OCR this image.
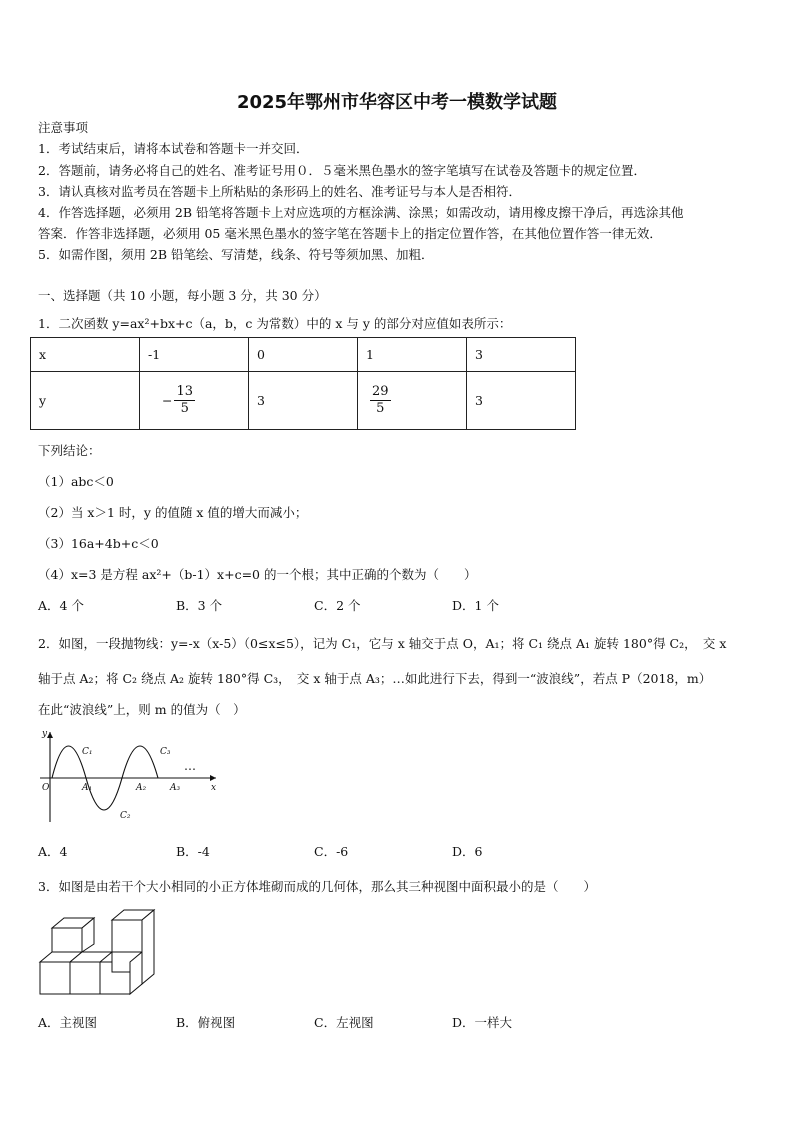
2025年鄂州市华容区中考一模数学试题
注意事项
1．考试结束后，请将本试卷和答题卡一并交回．
2．答题前，请务必将自己的姓名、准考证号用０．５毫米黑色墨水的签字笔填写在试卷及答题卡的规定位置．
3．请认真核对监考员在答题卡上所粘贴的条形码上的姓名、准考证号与本人是否相符．
4．作答选择题，必须用 2B 铅笔将答题卡上对应选项的方框涂满、涂黑；如需改动，请用橡皮擦干净后，再选涂其他
答案．作答非选择题，必须用 05 毫米黑色墨水的签字笔在答题卡上的指定位置作答，在其他位置作答一律无效．
5．如需作图，须用 2B 铅笔绘、写清楚，线条、符号等须加黑、加粗．
一、选择题（共 10 小题，每小题 3 分，共 30 分）
1．二次函数 y=ax²+bx+c（a，b，c 为常数）中的 x 与 y 的部分对应值如表所示：
x	-1	0	1	3
y	− $\frac{13}{5}$	3	$\frac{29}{5}$	3
下列结论：
（1）abc＜0
（2）当 x＞1 时，y 的值随 x 值的增大而减小；
（3）16a+4b+c＜0
（4）x=3 是方程 ax²+（b-1）x+c=0 的一个根；其中正确的个数为（　　）
A．4 个	B．3 个	C．2 个	D．1 个
2．如图，一段抛物线：y=-x（x-5）（0≤x≤5），记为 C₁，它与 x 轴交于点 O，A₁；将 C₁ 绕点 A₁ 旋转 180°得 C₂，　交 x
轴于点 A₂；将 C₂ 绕点 A₂ 旋转 180°得 C₃，　交 x 轴于点 A₃；…如此进行下去，得到一“波浪线”，若点 P（2018，m）
在此“波浪线”上，则 m 的值为（　）
y
x
O	A₁	A₂	A₃
C₁
C₂
C₃
…
A．4	B．-4	C．-6	D．6
3．如图是由若干个大小相同的小正方体堆砌而成的几何体，那么其三种视图中面积最小的是（　　）
A．主视图	B．俯视图	C．左视图	D．一样大
